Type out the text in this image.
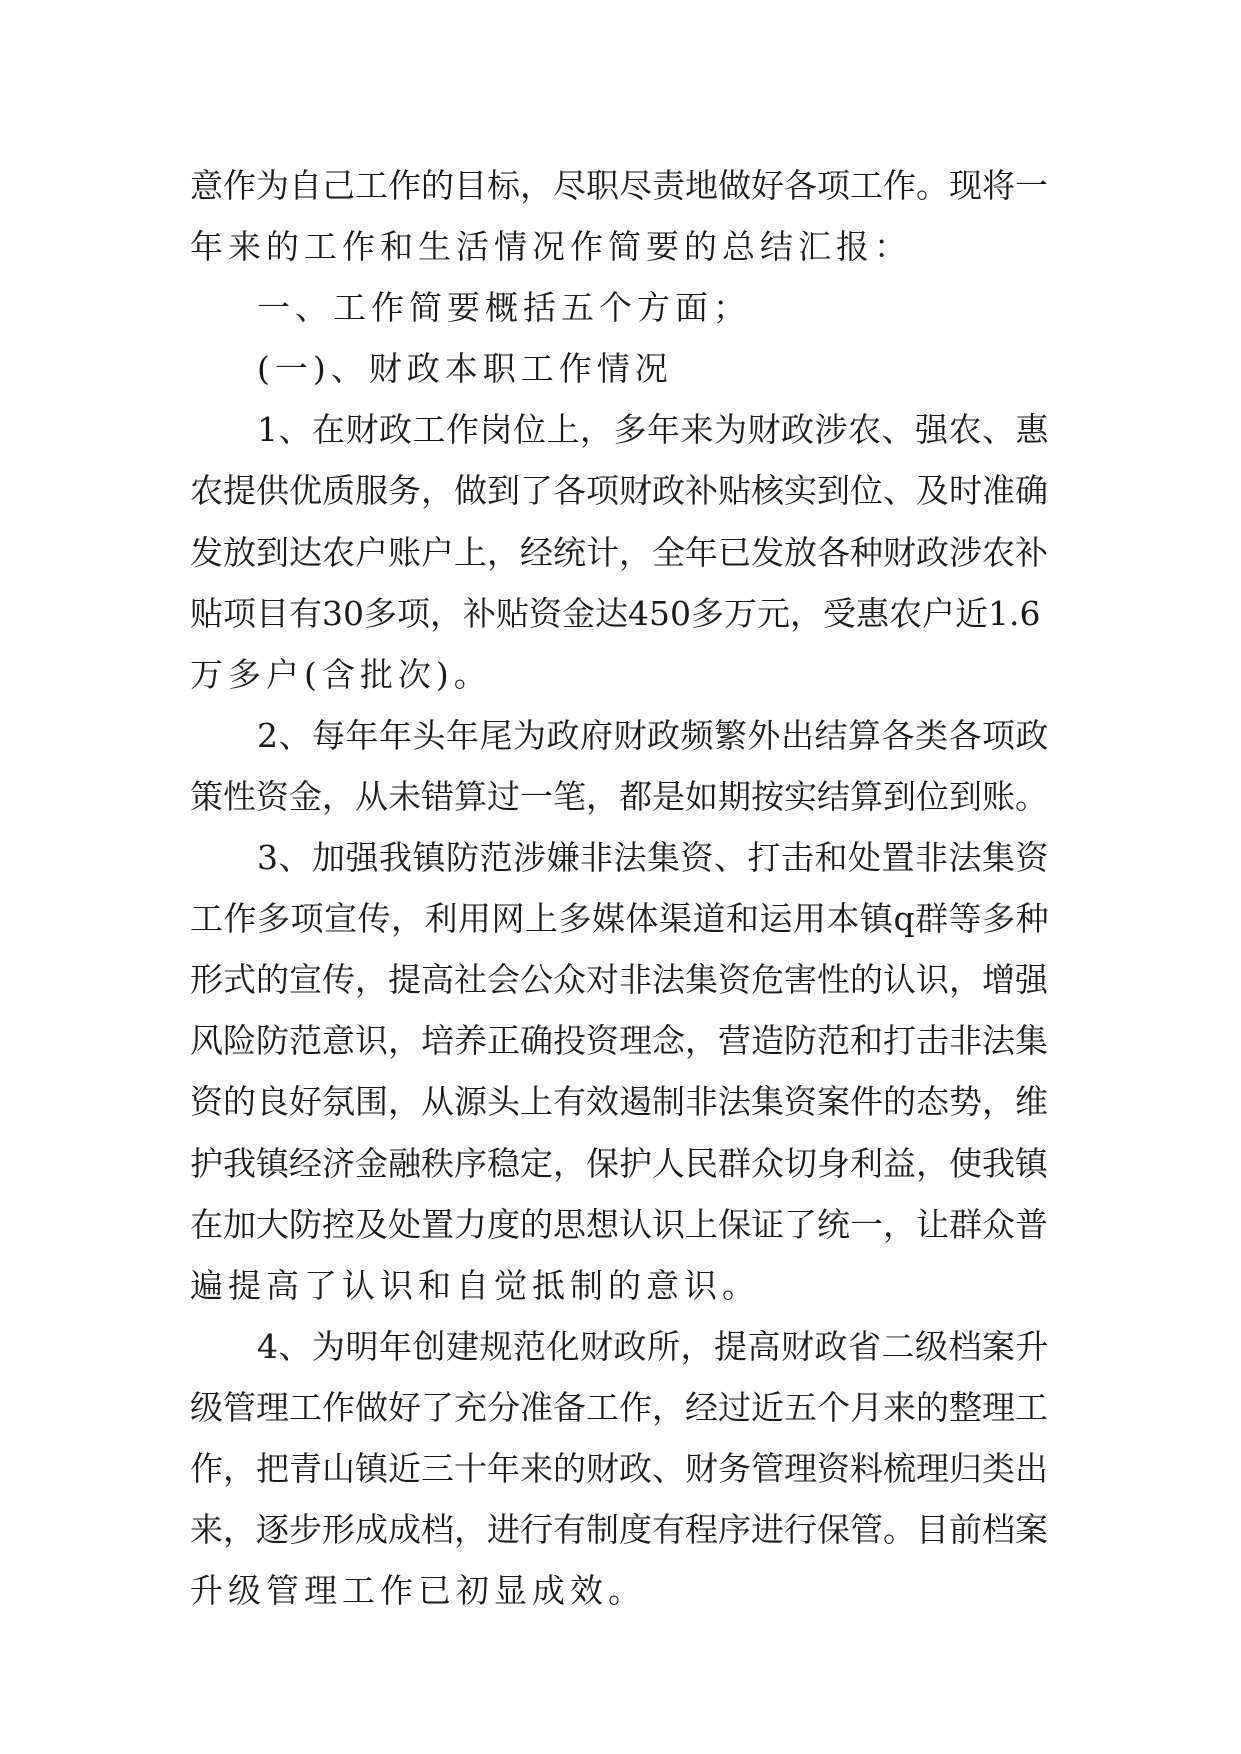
意作为自己工作的目标，尽职尽责地做好各项工作。现将一
年来的工作和生活情况作简要的总结汇报：
一、工作简要概括五个方面；
(一)、财政本职工作情况
1、在财政工作岗位上，多年来为财政涉农、强农、惠
农提供优质服务，做到了各项财政补贴核实到位、及时准确
发放到达农户账户上，经统计，全年已发放各种财政涉农补
贴项目有30多项，补贴资金达450多万元，受惠农户近1.6
万多户(含批次)。
2、每年年头年尾为政府财政频繁外出结算各类各项政
策性资金，从未错算过一笔，都是如期按实结算到位到账。
3、加强我镇防范涉嫌非法集资、打击和处置非法集资
工作多项宣传，利用网上多媒体渠道和运用本镇q群等多种
形式的宣传，提高社会公众对非法集资危害性的认识，增强
风险防范意识，培养正确投资理念，营造防范和打击非法集
资的良好氛围，从源头上有效遏制非法集资案件的态势，维
护我镇经济金融秩序稳定，保护人民群众切身利益，使我镇
在加大防控及处置力度的思想认识上保证了统一，让群众普
遍提高了认识和自觉抵制的意识。
4、为明年创建规范化财政所，提高财政省二级档案升
级管理工作做好了充分准备工作，经过近五个月来的整理工
作，把青山镇近三十年来的财政、财务管理资料梳理归类出
来，逐步形成成档，进行有制度有程序进行保管。目前档案
升级管理工作已初显成效。
